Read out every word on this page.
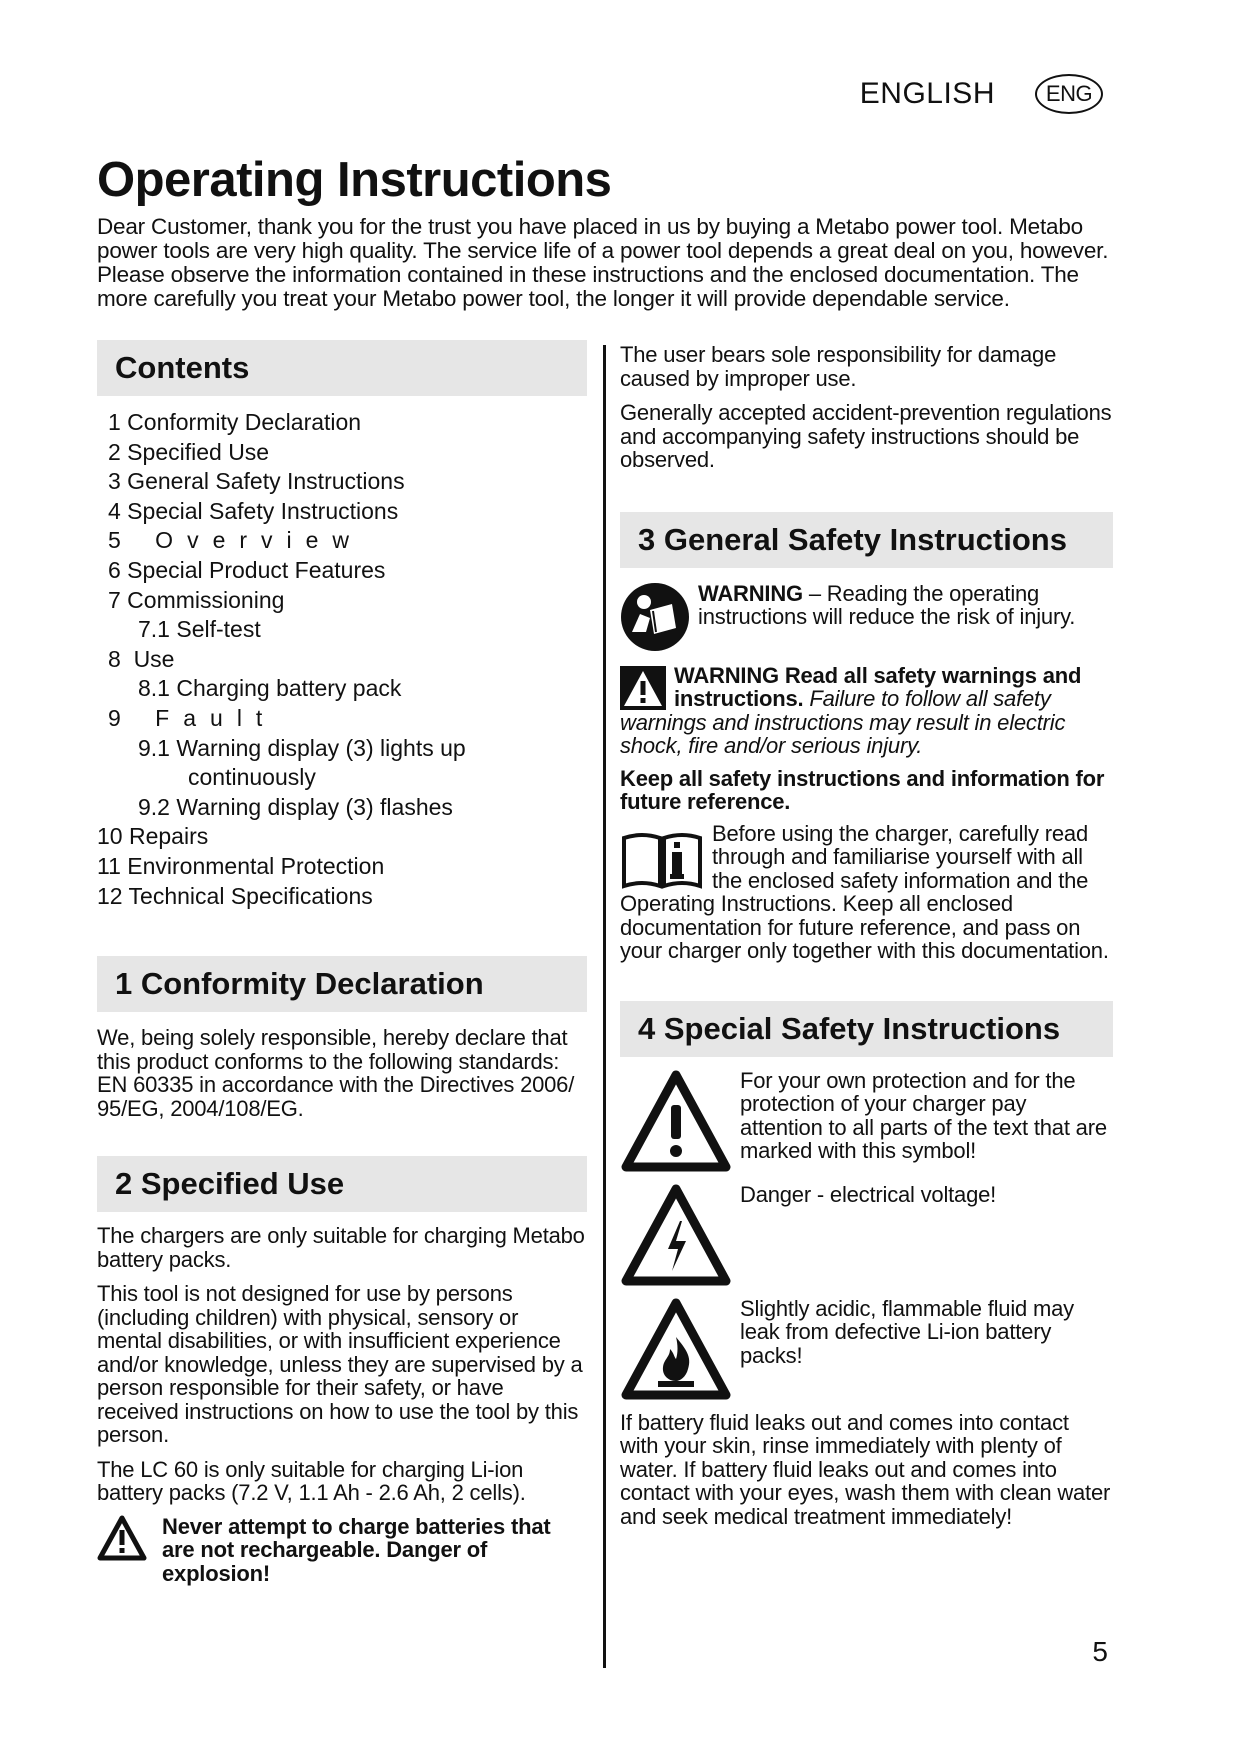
ENGLISH	ENG
Operating Instructions

Dear Customer, thank you for the trust you have placed in us by buying a Metabo power tool. Metabo power tools are very high quality. The service life of a power tool depends a great deal on you, however. Please observe the information contained in these instructions and the enclosed documentation. The more carefully you treat your Metabo power tool, the longer it will provide dependable service.

Contents
1 Conformity Declaration
2 Specified Use
3 General Safety Instructions
4 Special Safety Instructions
5 Overview
6 Special Product Features
7 Commissioning
7.1 Self-test
8  Use
8.1 Charging battery pack
9 Fault
9.1 Warning display (3) lights up
continuously
9.2 Warning display (3) flashes
10 Repairs
11 Environmental Protection
12 Technical Specifications
1 Conformity Declaration

We, being solely responsible, hereby declare that this product conforms to the following standards: EN 60335 in accordance with the Directives 2006/ 95/EG, 2004/108/EG.

2 Specified Use

The chargers are only suitable for charging Metabo battery packs.

This tool is not designed for use by persons (including children) with physical, sensory or mental disabilities, or with insufficient experience and/or knowledge, unless they are supervised by a person responsible for their safety, or have received instructions on how to use the tool by this person.

The LC 60 is only suitable for charging Li-ion battery packs (7.2 V, 1.1 Ah - 2.6 Ah, 2 cells).

Never attempt to charge batteries that are not rechargeable. Danger of explosion!

The user bears sole responsibility for damage caused by improper use.

Generally accepted accident-prevention regulations and accompanying safety instructions should be observed.

3 General Safety Instructions

WARNING – Reading the operating instructions will reduce the risk of injury.

WARNING Read all safety warnings and instructions. Failure to follow all safety warnings and instructions may result in electric shock, fire and/or serious injury.

Keep all safety instructions and information for future reference.

Before using the charger, carefully read through and familiarise yourself with all the enclosed safety information and the Operating Instructions. Keep all enclosed documentation for future reference, and pass on your charger only together with this documentation.

4 Special Safety Instructions

For your own protection and for the protection of your charger pay attention to all parts of the text that are marked with this symbol!

Danger - electrical voltage!

Slightly acidic, flammable fluid may leak from defective Li-ion battery packs!

If battery fluid leaks out and comes into contact with your skin, rinse immediately with plenty of water. If battery fluid leaks out and comes into contact with your eyes, wash them with clean water and seek medical treatment immediately!

5
